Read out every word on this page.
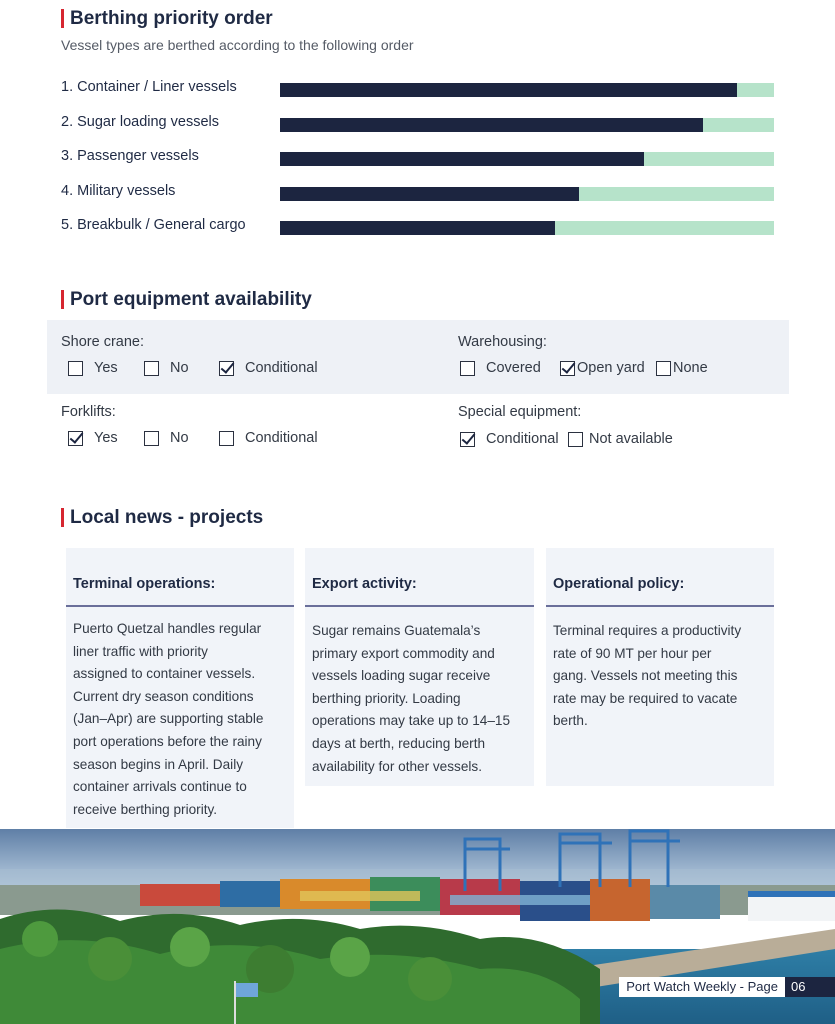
Berthing priority order
Vessel types are berthed according to the following order
1. Container / Liner vessels
2. Sugar loading vessels
3. Passenger vessels
4. Military vessels
5. Breakbulk / General cargo
Port equipment availability
Shore crane:
Yes	No	Conditional
Warehousing:
Covered Open yard None
Forklifts:
Yes	No	Conditional
Special equipment:
Conditional Not available
Local news - projects
Terminal operations:
Puerto Quetzal handles regular
liner traffic with priority
assigned to container vessels.
Current dry season conditions
(Jan–Apr) are supporting stable
port operations before the rainy
season begins in April. Daily
container arrivals continue to
receive berthing priority.
Export activity:
Sugar remains Guatemala’s
primary export commodity and
vessels loading sugar receive
berthing priority. Loading
operations may take up to 14–15
days at berth, reducing berth
availability for other vessels.
Operational policy:
Terminal requires a productivity
rate of 90 MT per hour per
gang. Vessels not meeting this
rate may be required to vacate
berth.
Port Watch Weekly - Page	06
